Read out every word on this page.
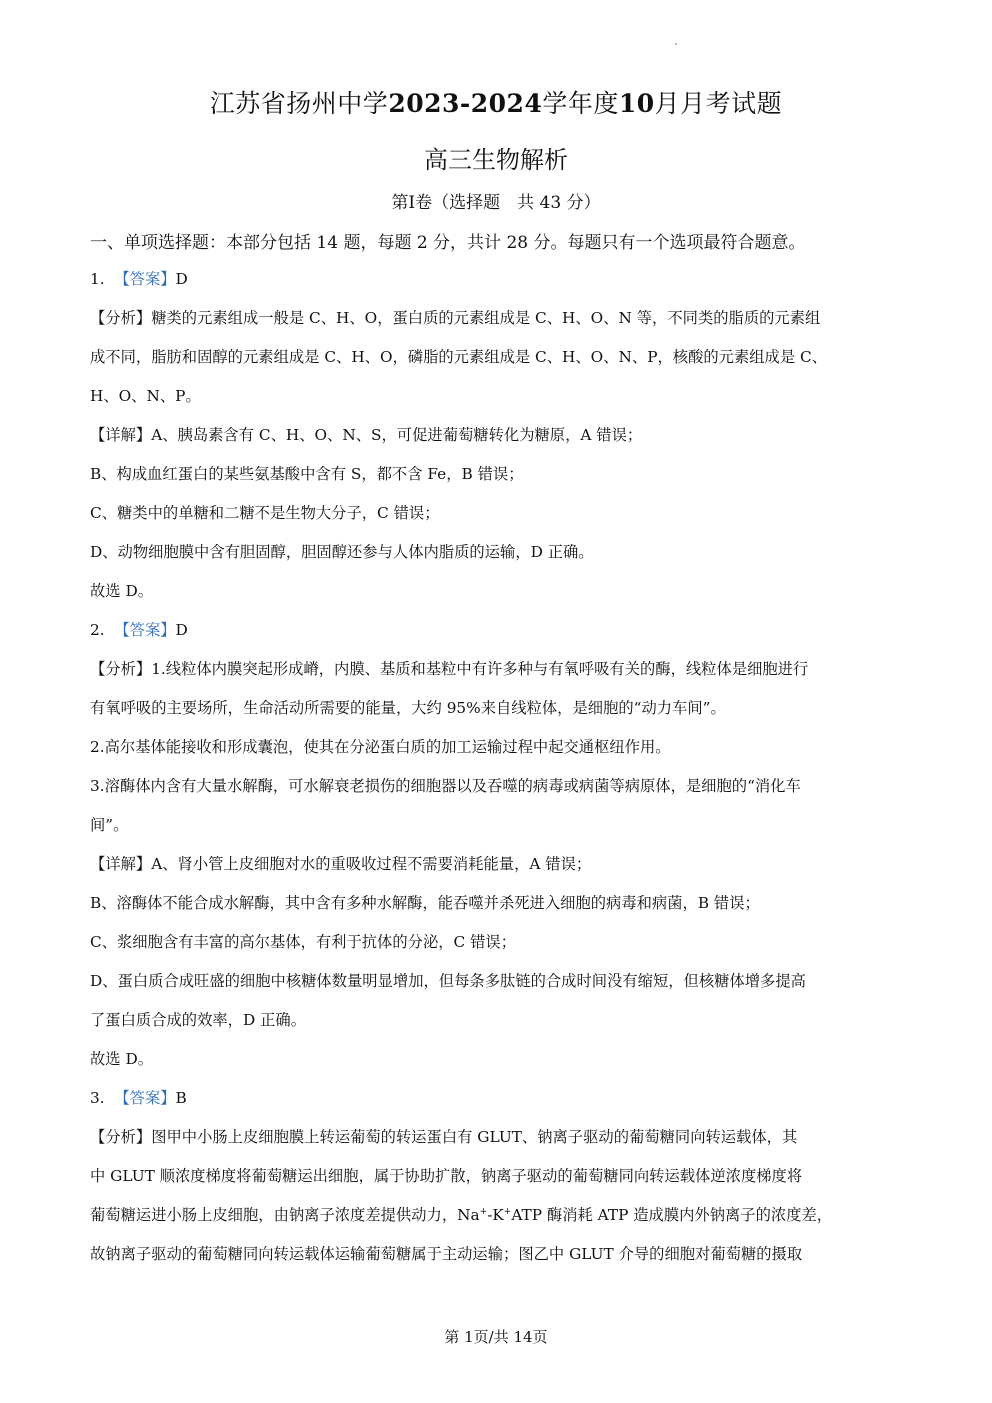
江苏省扬州中学2023-2024学年度10月月考试题
高三生物解析
第Ⅰ卷（选择题　共 43 分）
一、单项选择题：本部分包括 14 题，每题 2 分，共计 28 分。每题只有一个选项最符合题意。
1. 【答案】D
【分析】糖类的元素组成一般是 C、H、O，蛋白质的元素组成是 C、H、O、N 等，不同类的脂质的元素组
成不同，脂肪和固醇的元素组成是 C、H、O，磷脂的元素组成是 C、H、O、N、P，核酸的元素组成是 C、
H、O、N、P。
【详解】A、胰岛素含有 C、H、O、N、S，可促进葡萄糖转化为糖原，A 错误；
B、构成血红蛋白的某些氨基酸中含有 S，都不含 Fe，B 错误；
C、糖类中的单糖和二糖不是生物大分子，C 错误；
D、动物细胞膜中含有胆固醇，胆固醇还参与人体内脂质的运输，D 正确。
故选 D。
2. 【答案】D
【分析】1.线粒体内膜突起形成嵴，内膜、基质和基粒中有许多种与有氧呼吸有关的酶，线粒体是细胞进行
有氧呼吸的主要场所，生命活动所需要的能量，大约 95%来自线粒体，是细胞的“动力车间”。
2.高尔基体能接收和形成囊泡，使其在分泌蛋白质的加工运输过程中起交通枢纽作用。
3.溶酶体内含有大量水解酶，可水解衰老损伤的细胞器以及吞噬的病毒或病菌等病原体，是细胞的“消化车
间”。
【详解】A、肾小管上皮细胞对水的重吸收过程不需要消耗能量，A 错误；
B、溶酶体不能合成水解酶，其中含有多种水解酶，能吞噬并杀死进入细胞的病毒和病菌，B 错误；
C、浆细胞含有丰富的高尔基体，有利于抗体的分泌，C 错误；
D、蛋白质合成旺盛的细胞中核糖体数量明显增加，但每条多肽链的合成时间没有缩短，但核糖体增多提高
了蛋白质合成的效率，D 正确。
故选 D。
3. 【答案】B
【分析】图甲中小肠上皮细胞膜上转运葡萄的转运蛋白有 GLUT、钠离子驱动的葡萄糖同向转运载体，其
中 GLUT 顺浓度梯度将葡萄糖运出细胞，属于协助扩散，钠离子驱动的葡萄糖同向转运载体逆浓度梯度将
葡萄糖运进小肠上皮细胞，由钠离子浓度差提供动力，Na+-K+ATP 酶消耗 ATP 造成膜内外钠离子的浓度差，
故钠离子驱动的葡萄糖同向转运载体运输葡萄糖属于主动运输；图乙中 GLUT 介导的细胞对葡萄糖的摄取
第 1页/共 14页
